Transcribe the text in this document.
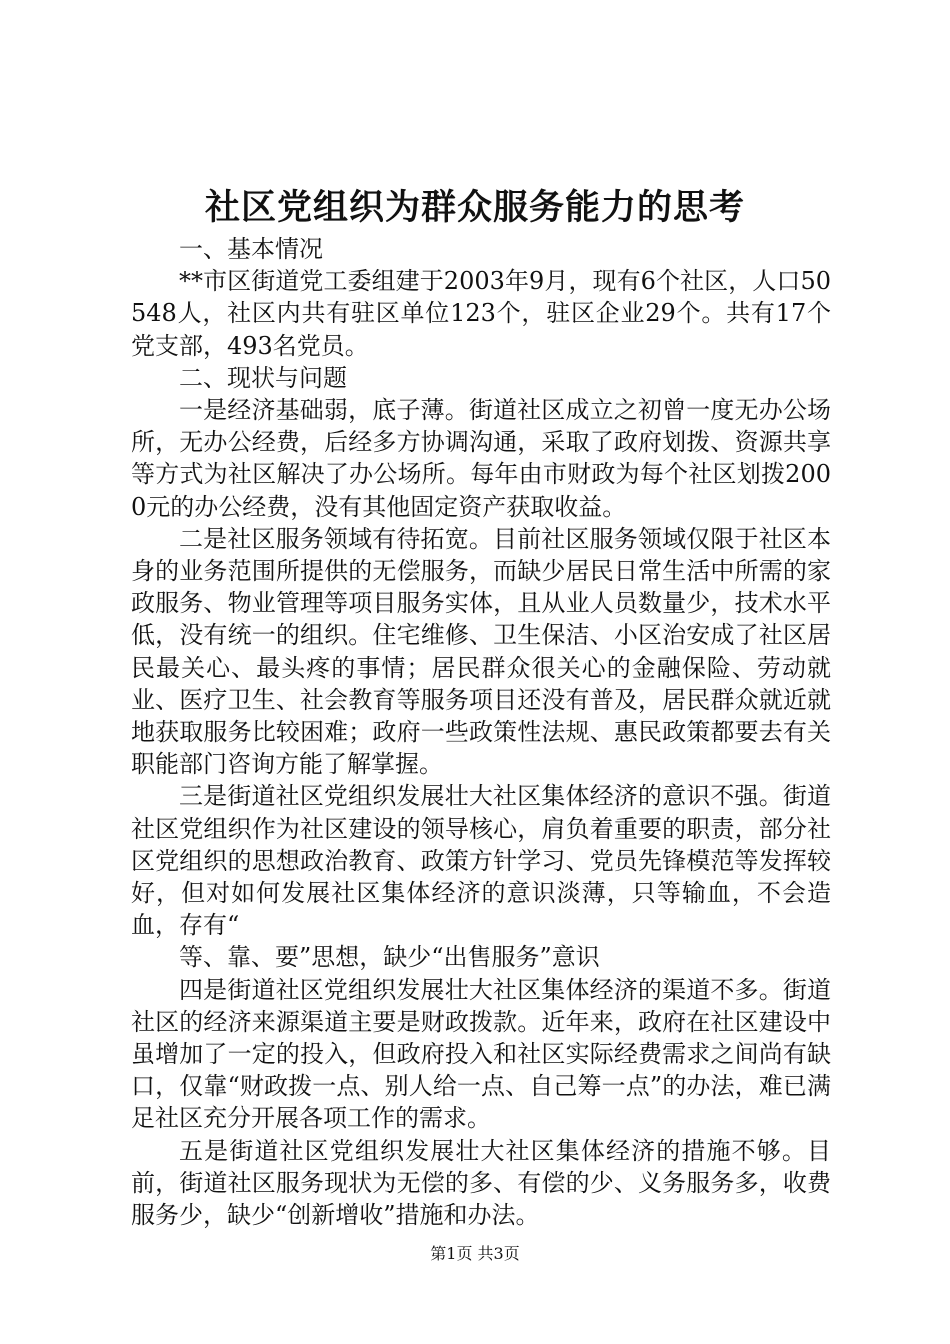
社区党组织为群众服务能力的思考

一、基本情况

**市区街道党工委组建于2003年9月，现有6个社区，人口50548人，社区内共有驻区单位123个，驻区企业29个。共有17个党支部，493名党员。

二、现状与问题

一是经济基础弱，底子薄。街道社区成立之初曾一度无办公场所，无办公经费，后经多方协调沟通，采取了政府划拨、资源共享等方式为社区解决了办公场所。每年由市财政为每个社区划拨2000元的办公经费，没有其他固定资产获取收益。

二是社区服务领域有待拓宽。目前社区服务领域仅限于社区本身的业务范围所提供的无偿服务，而缺少居民日常生活中所需的家政服务、物业管理等项目服务实体，且从业人员数量少，技术水平低，没有统一的组织。住宅维修、卫生保洁、小区治安成了社区居民最关心、最头疼的事情；居民群众很关心的金融保险、劳动就业、医疗卫生、社会教育等服务项目还没有普及，居民群众就近就地获取服务比较困难；政府一些政策性法规、惠民政策都要去有关职能部门咨询方能了解掌握。

三是街道社区党组织发展壮大社区集体经济的意识不强。街道社区党组织作为社区建设的领导核心，肩负着重要的职责，部分社区党组织的思想政治教育、政策方针学习、党员先锋模范等发挥较好，但对如何发展社区集体经济的意识淡薄，只等输血，不会造血，存有“

等、靠、要”思想，缺少“出售服务”意识

四是街道社区党组织发展壮大社区集体经济的渠道不多。街道社区的经济来源渠道主要是财政拨款。近年来，政府在社区建设中虽增加了一定的投入，但政府投入和社区实际经费需求之间尚有缺口，仅靠“财政拨一点、别人给一点、自己筹一点”的办法，难已满足社区充分开展各项工作的需求。

五是街道社区党组织发展壮大社区集体经济的措施不够。目前，街道社区服务现状为无偿的多、有偿的少、义务服务多，收费服务少，缺少“创新增收”措施和办法。

第1页 共3页
